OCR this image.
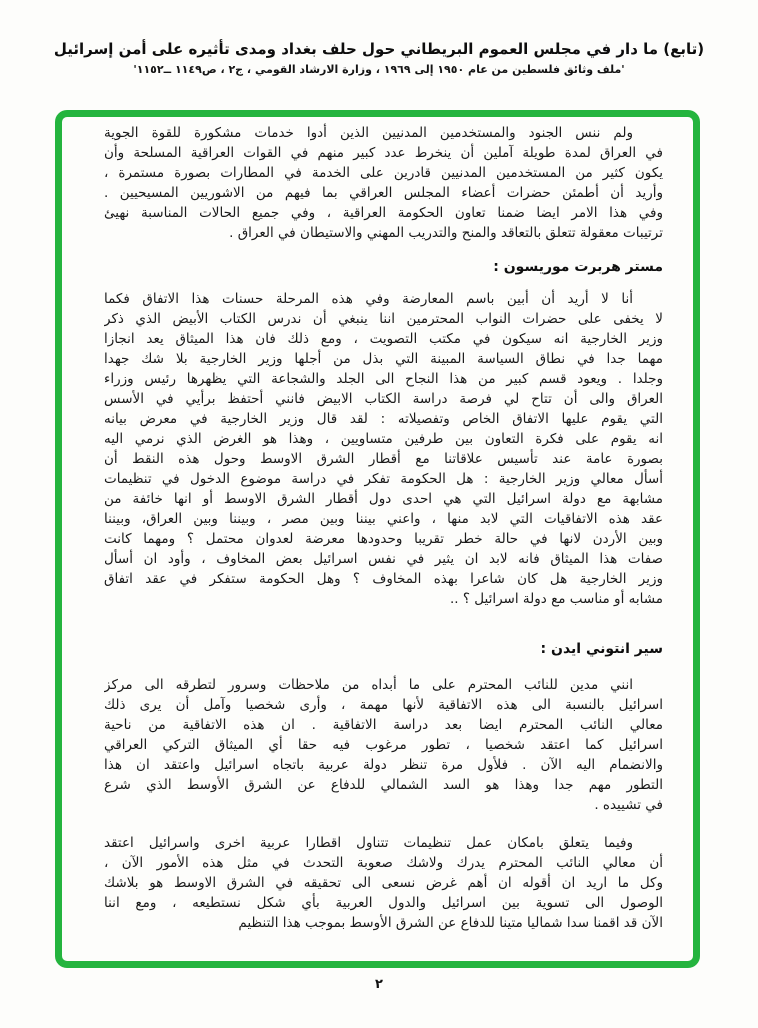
(تابع) ما دار في مجلس العموم البريطاني حول حلف بغداد ومدى تأثيره على أمن إسرائيل
'ملف وثائق فلسطين من عام ١٩٥٠ إلى ١٩٦٩ ، وزارة الارشاد القومي ، ج٢ ، ص١١٤٩ ــ١١٥٢'
ولم ننس الجنود والمستخدمين المدنيين الذين أدوا خدمات مشكورة للقوة الجوية
في العراق لمدة طويلة آملين أن ينخرط عدد كبير منهم في القوات العراقية المسلحة وأن
يكون كثير من المستخدمين المدنيين قادرين على الخدمة في المطارات بصورة مستمرة ،
وأريد أن أطمئن حضرات أعضاء المجلس العراقي بما فيهم من الاشوريين المسيحيين .
وفي هذا الامر ايضا ضمنا تعاون الحكومة العراقية ، وفي جميع الحالات المناسبة نهيئ
ترتيبات معقولة تتعلق بالتعاقد والمنح والتدريب المهني والاستيطان في العراق .
مستر هربرت موريسون :
أنا لا أريد أن أبين باسم المعارضة وفي هذه المرحلة حسنات هذا الاتفاق فكما
لا يخفى على حضرات النواب المحترمين اننا ينبغي أن ندرس الكتاب الأبيض الذي ذكر
وزير الخارجية انه سيكون في مكتب التصويت ، ومع ذلك فان هذا الميثاق يعد انجازا
مهما جدا في نطاق السياسة المبينة التي بذل من أجلها وزير الخارجية بلا شك جهدا
وجلدا . ويعود قسم كبير من هذا النجاح الى الجلد والشجاعة التي يظهرها رئيس وزراء
العراق والى أن تتاح لي فرصة دراسة الكتاب الابيض فانني أحتفظ برأيي في الأسس
التي يقوم عليها الاتفاق الخاص وتفصيلاته : لقد قال وزير الخارجية في معرض بيانه
انه يقوم على فكرة التعاون بين طرفين متساويين ، وهذا هو الغرض الذي نرمي اليه
بصورة عامة عند تأسيس علاقاتنا مع أقطار الشرق الاوسط وحول هذه النقط أن
أسأل معالي وزير الخارجية : هل الحكومة تفكر في دراسة موضوع الدخول في تنظيمات
مشابهة مع دولة اسرائيل التي هي احدى دول أقطار الشرق الاوسط أو انها خائفة من
عقد هذه الاتفاقيات التي لابد منها ، واعني بيننا وبين مصر ، وبيننا وبين العراق، وبيننا
وبين الأردن لانها في حالة خطر تقريبا وحدودها معرضة لعدوان محتمل ؟ ومهما كانت
صفات هذا الميثاق فانه لابد ان يثير في نفس اسرائيل بعض المخاوف ، وأود ان أسأل
وزير الخارجية هل كان شاعرا بهذه المخاوف ؟ وهل الحكومة ستفكر في عقد اتفاق
مشابه أو مناسب مع دولة اسرائيل ؟ ..
سير انتوني ايدن :
انني مدين للنائب المحترم على ما أبداه من ملاحظات وسرور لتطرقه الى مركز
اسرائيل بالنسبة الى هذه الاتفاقية لأنها مهمة ، وأرى شخصيا وآمل أن يرى ذلك
معالي النائب المحترم ايضا بعد دراسة الاتفاقية . ان هذه الاتفاقية من ناحية
اسرائيل كما اعتقد شخصيا ، تطور مرغوب فيه حقا أي الميثاق التركي العراقي
والانضمام اليه الآن . فلأول مرة تنظر دولة عربية باتجاه اسرائيل واعتقد ان هذا
التطور مهم جدا وهذا هو السد الشمالي للدفاع عن الشرق الأوسط الذي شرع
في تشييده .
وفيما يتعلق بامكان عمل تنظيمات تتناول اقطارا عربية اخرى واسرائيل اعتقد
أن معالي النائب المحترم يدرك ولاشك صعوبة التحدث في مثل هذه الأمور الآن ،
وكل ما اريد ان أقوله ان أهم غرض نسعى الى تحقيقه في الشرق الاوسط هو بلاشك
الوصول الى تسوية بين اسرائيل والدول العربية بأي شكل نستطيعه ، ومع اننا
الآن قد اقمنا سدا شماليا متينا للدفاع عن الشرق الأوسط بموجب هذا التنظيم
٢
